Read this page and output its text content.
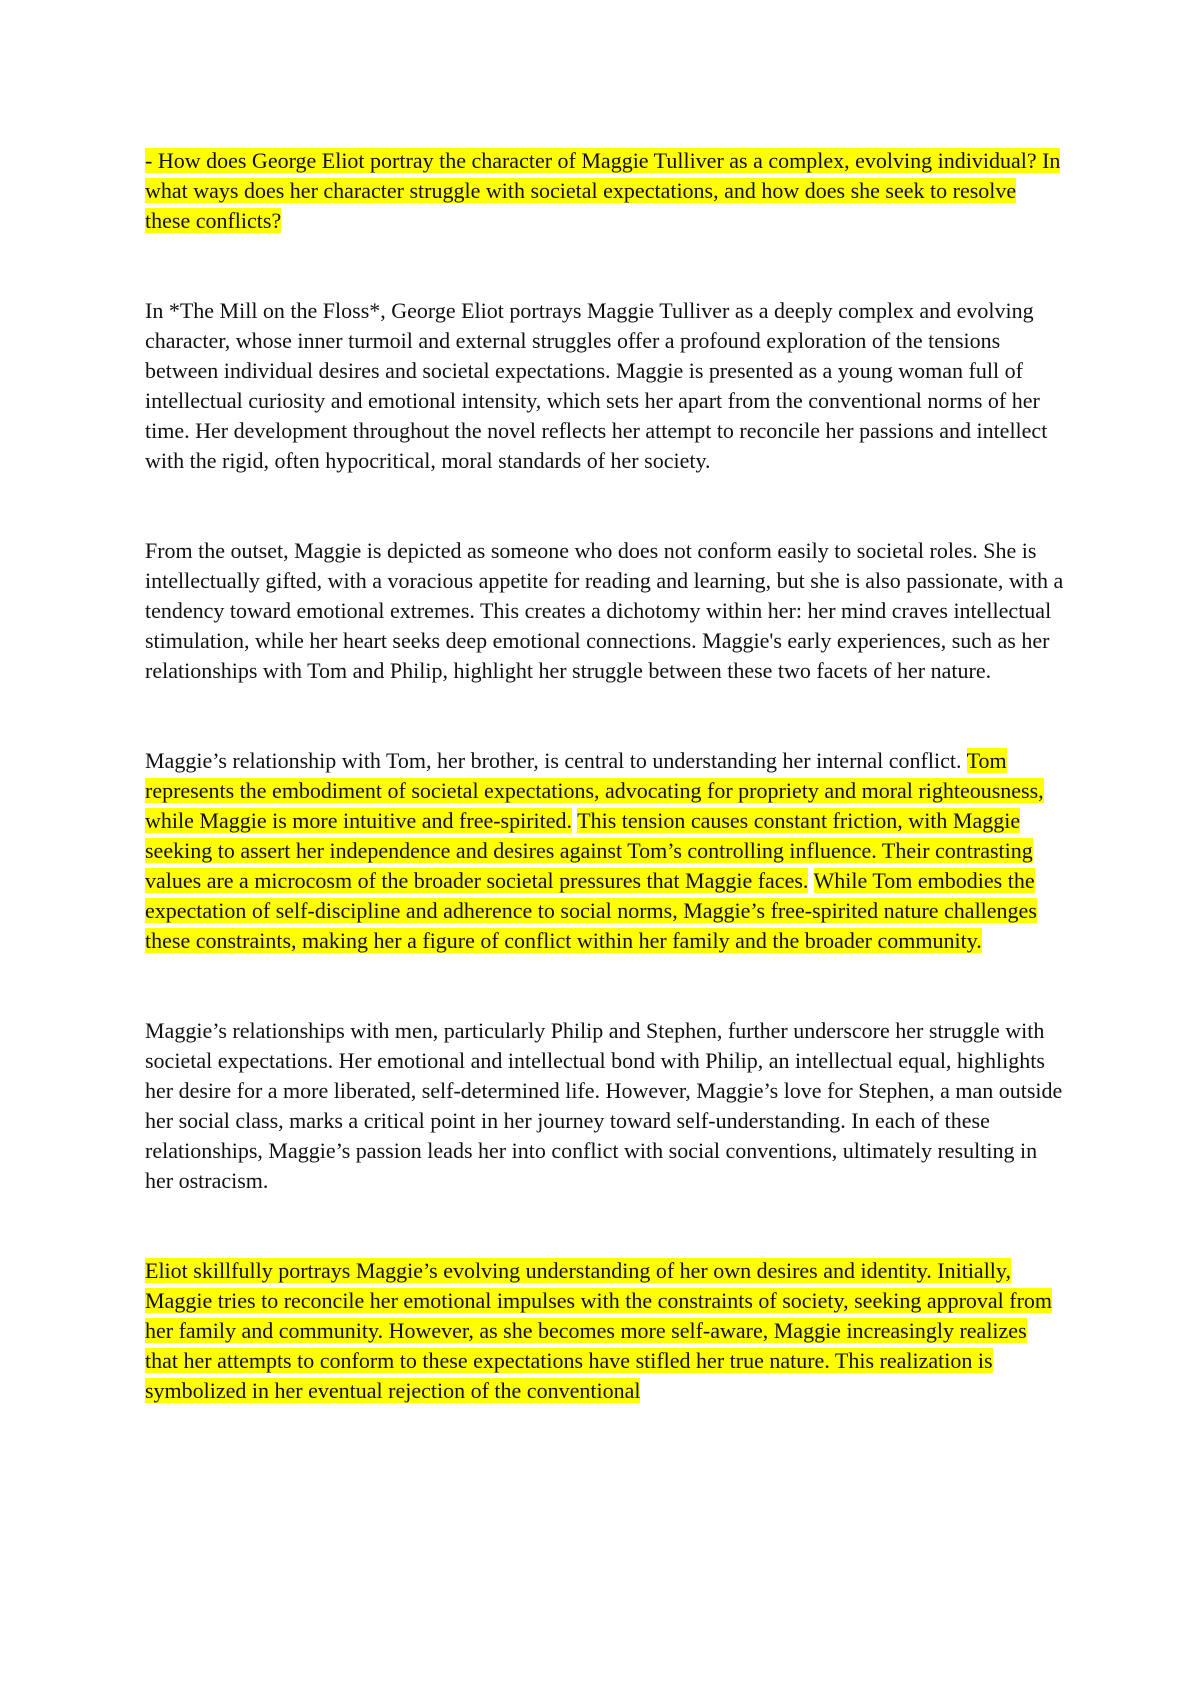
- How does George Eliot portray the character of Maggie Tulliver as a complex, evolving individual? In what ways does her character struggle with societal expectations, and how does she seek to resolve these conflicts?

In *The Mill on the Floss*, George Eliot portrays Maggie Tulliver as a deeply complex and evolving character, whose inner turmoil and external struggles offer a profound exploration of the tensions between individual desires and societal expectations. Maggie is presented as a young woman full of intellectual curiosity and emotional intensity, which sets her apart from the conventional norms of her time. Her development throughout the novel reflects her attempt to reconcile her passions and intellect with the rigid, often hypocritical, moral standards of her society.

From the outset, Maggie is depicted as someone who does not conform easily to societal roles. She is intellectually gifted, with a voracious appetite for reading and learning, but she is also passionate, with a tendency toward emotional extremes. This creates a dichotomy within her: her mind craves intellectual stimulation, while her heart seeks deep emotional connections. Maggie's early experiences, such as her relationships with Tom and Philip, highlight her struggle between these two facets of her nature.

Maggie’s relationship with Tom, her brother, is central to understanding her internal conflict. Tom represents the embodiment of societal expectations, advocating for propriety and moral righteousness, while Maggie is more intuitive and free-spirited. This tension causes constant friction, with Maggie seeking to assert her independence and desires against Tom’s controlling influence. Their contrasting values are a microcosm of the broader societal pressures that Maggie faces. While Tom embodies the expectation of self-discipline and adherence to social norms, Maggie’s free-spirited nature challenges these constraints, making her a figure of conflict within her family and the broader community.

Maggie’s relationships with men, particularly Philip and Stephen, further underscore her struggle with societal expectations. Her emotional and intellectual bond with Philip, an intellectual equal, highlights her desire for a more liberated, self-determined life. However, Maggie’s love for Stephen, a man outside her social class, marks a critical point in her journey toward self-understanding. In each of these relationships, Maggie’s passion leads her into conflict with social conventions, ultimately resulting in her ostracism.

Eliot skillfully portrays Maggie’s evolving understanding of her own desires and identity. Initially, Maggie tries to reconcile her emotional impulses with the constraints of society, seeking approval from her family and community. However, as she becomes more self-aware, Maggie increasingly realizes that her attempts to conform to these expectations have stifled her true nature. This realization is symbolized in her eventual rejection of the conventional
